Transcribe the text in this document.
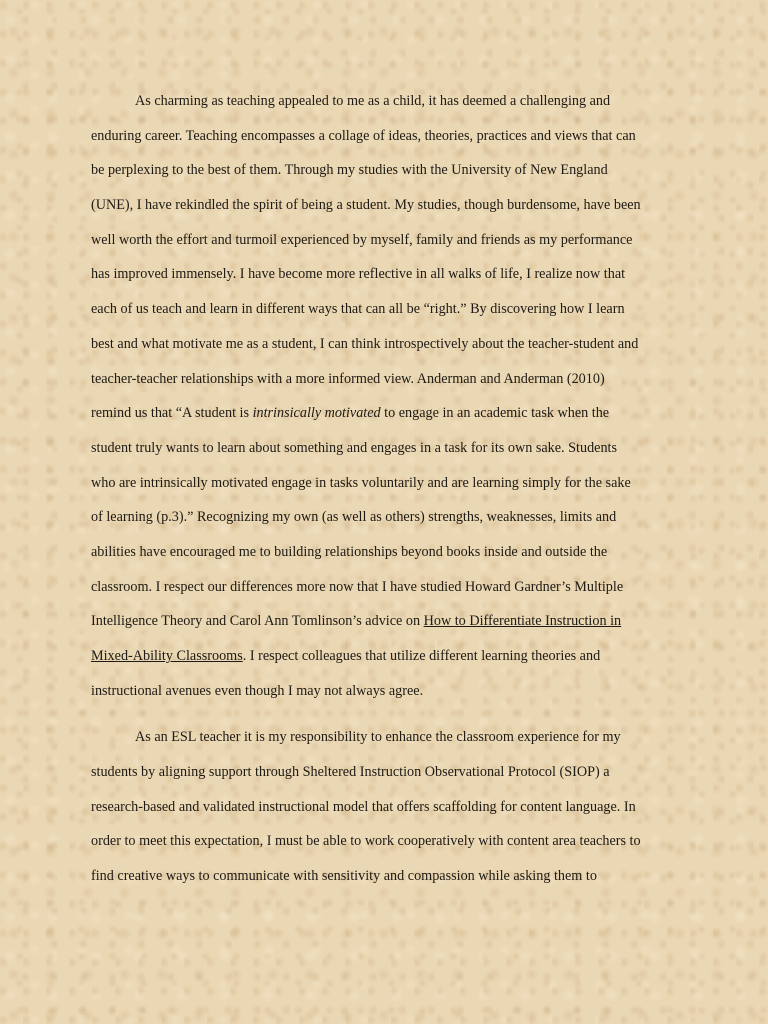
As charming as teaching appealed to me as a child, it has deemed a challenging and
enduring career. Teaching encompasses a collage of ideas, theories, practices and views that can
be perplexing to the best of them. Through my studies with the University of New England
(UNE), I have rekindled the spirit of being a student. My studies, though burdensome, have been
well worth the effort and turmoil experienced by myself, family and friends as my performance
has improved immensely. I have become more reflective in all walks of life, I realize now that
each of us teach and learn in different ways that can all be “right.” By discovering how I learn
best and what motivate me as a student, I can think introspectively about the teacher-student and
teacher-teacher relationships with a more informed view. Anderman and Anderman (2010)
remind us that “A student is intrinsically motivated to engage in an academic task when the
student truly wants to learn about something and engages in a task for its own sake. Students
who are intrinsically motivated engage in tasks voluntarily and are learning simply for the sake
of learning (p.3).” Recognizing my own (as well as others) strengths, weaknesses, limits and
abilities have encouraged me to building relationships beyond books inside and outside the
classroom. I respect our differences more now that I have studied Howard Gardner’s Multiple
Intelligence Theory and Carol Ann Tomlinson’s advice on How to Differentiate Instruction in
Mixed-Ability Classrooms. I respect colleagues that utilize different learning theories and
instructional avenues even though I may not always agree.
As an ESL teacher it is my responsibility to enhance the classroom experience for my
students by aligning support through Sheltered Instruction Observational Protocol (SIOP) a
research-based and validated instructional model that offers scaffolding for content language. In
order to meet this expectation, I must be able to work cooperatively with content area teachers to
find creative ways to communicate with sensitivity and compassion while asking them to
